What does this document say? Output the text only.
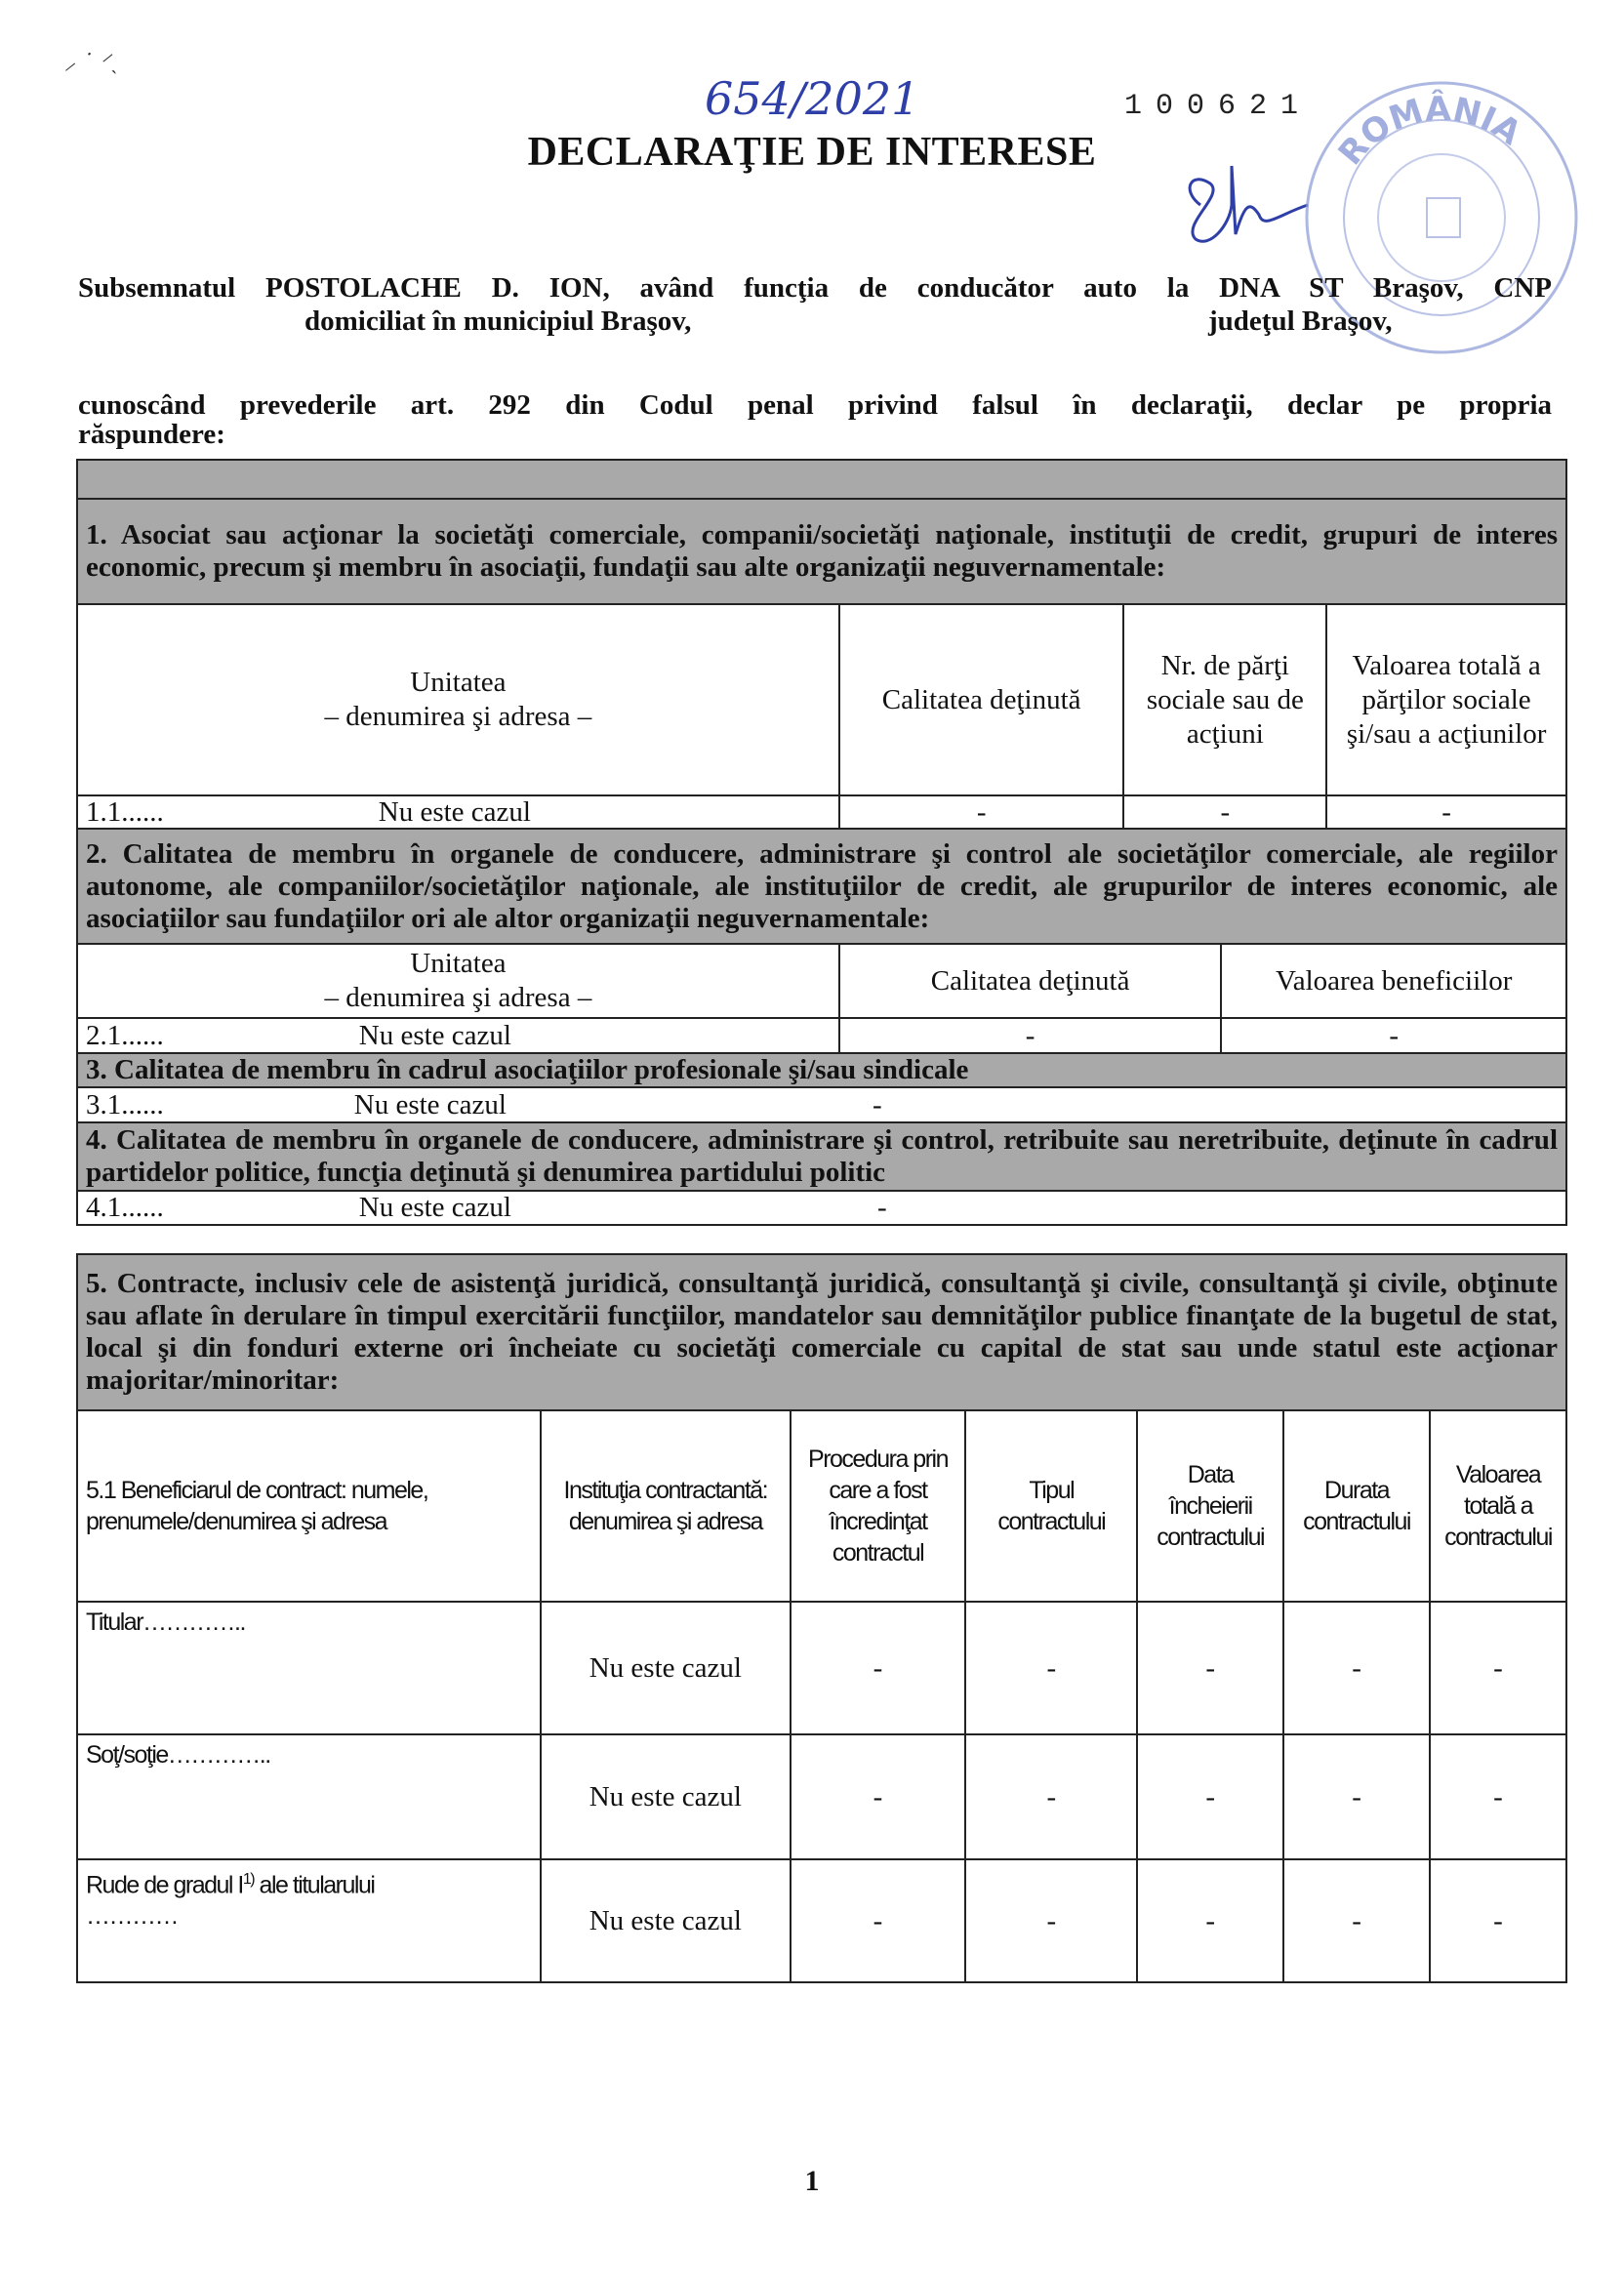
⸝ ˙ ⸍ˎ
654/2021	100621
DECLARAŢIE DE INTERESE	ROMÂNIA
Subsemnatul POSTOLACHE D. ION, având funcţia de conducător auto la DNA ST Braşov, CNP
domiciliat în municipiul Braşov,	judeţul Braşov,
cunoscând prevederile art. 292 din Codul penal privind falsul în declaraţii, declar pe propria
răspundere:
1. Asociat sau acţionar la societăţi comerciale, companii/societăţi naţionale, instituţii de credit, grupuri de interes economic, precum şi membru în asociaţii, fundaţii sau alte organizaţii neguvernamentale:			

Unitatea
– denumirea şi adresa –	Calitatea deţinută	Nr. de părţi sociale sau de acţiuni	Valoarea totală a părţilor sociale şi/sau a acţiunilor
1.1...... Nu este cazul	-	-	-
2. Calitatea de membru în organele de conducere, administrare şi control ale societăţilor comerciale, ale regiilor autonome, ale companiilor/societăţilor naţionale, ale instituţiilor de credit, ale grupurilor de interes economic, ale asociaţiilor sau fundaţiilor ori ale altor organizaţii neguvernamentale:		

Unitatea
– denumirea şi adresa –	Calitatea deţinută	Valoarea beneficiilor
2.1...... Nu este cazul	-	-
3. Calitatea de membru în cadrul asociaţiilor profesionale şi/sau sindicale		
3.1...... Nu este cazul -		
4. Calitatea de membru în organele de conducere, administrare şi control, retribuite sau neretribuite, deţinute în cadrul partidelor politice, funcţia deţinută şi denumirea partidului politic		
4.1...... Nu este cazul -		
5. Contracte, inclusiv cele de asistenţă juridică, consultanţă juridică, consultanţă şi civile, consultanţă şi civile, obţinute sau aflate în derulare în timpul exercitării funcţiilor, mandatelor sau demnităţilor publice finanţate de la bugetul de stat, local şi din fonduri externe ori încheiate cu societăţi comerciale cu capital de stat sau unde statul este acţionar majoritar/minoritar:						
5.1 Beneficiarul de contract: numele, prenumele/denumirea şi adresa	Instituţia contractantă: denumirea şi adresa	Procedura prin care a fost încredinţat contractul	Tipul contractului	Data încheierii contractului	Durata contractului	Valoarea totală a contractului
Titular…………..	Nu este cazul	-	-	-	-	-
Soţ/soţie…………..	Nu este cazul	-	-	-	-	-
Rude de gradul $I^{1)}$ ale titularului
…………	Nu este cazul	-	-	-	-	-
1
